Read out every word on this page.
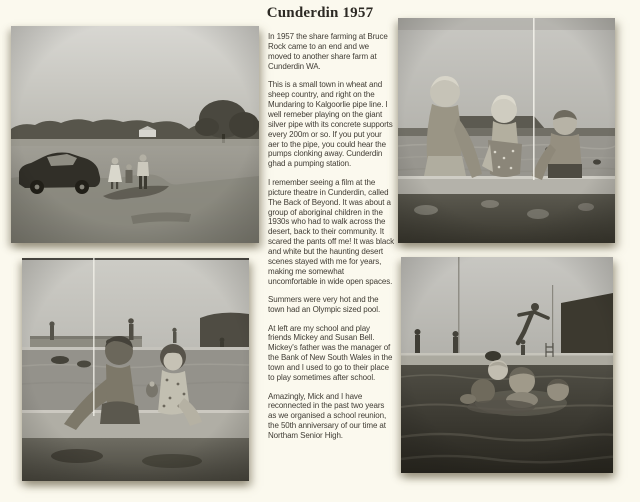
Cunderdin 1957

In 1957 the share farming at Bruce Rock came to an end and we moved to another share farm at Cunderdin WA.

This is a small town in wheat and sheep country, and right on the Mundaring to Kalgoorlie pipe line. I well remeber playing on the giant silver pipe with its concrete supports every 200m or so. If you put your aer to the pipe, you could hear the pumps clonking away. Cunderdin ghad a pumping station.

I remember seeing a film at the picture theatre in Cunderdin, called The Back of Beyond. It was about a group of aboriginal children in the 1930s who had to walk across the desert, back to their community. It scared the pants off me! It was black and white but the haunting desert scenes stayed with me for years, making me somewhat uncomfortable in wide open spaces.

Summers were very hot and the town had an Olympic sized pool.

At left are my school and play friends Mickey and Susan Bell. Mickey's father was the manager of the Bank of New South Wales in the town and I used to go to their place to play sometimes after school.

Amazingly, Mick and I have reconnected in the past two years as we organised a school reunion, the 50th anniversary of our time at Northam Senior High.
